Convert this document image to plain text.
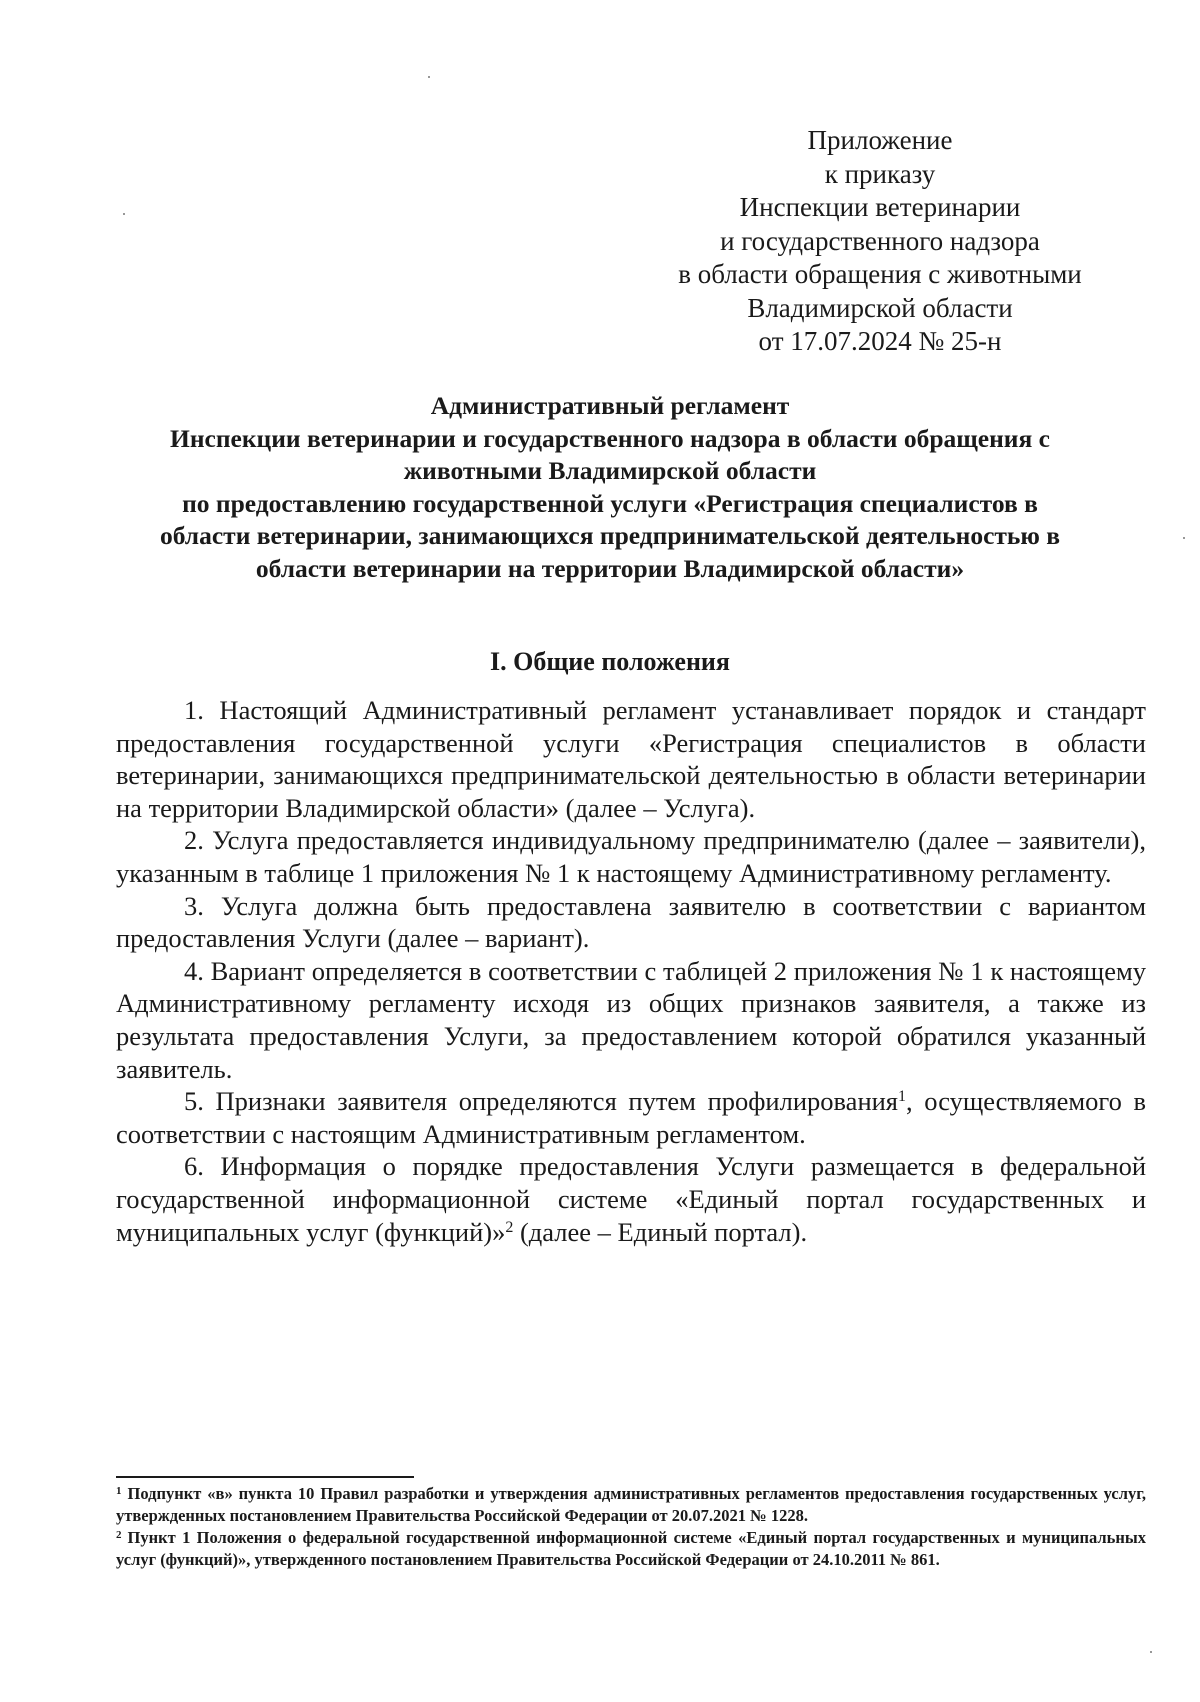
Приложение
к приказу
Инспекции ветеринарии
и государственного надзора
в области обращения с животными
Владимирской области
от 17.07.2024 № 25-н
Административный регламент
Инспекции ветеринарии и государственного надзора в области обращения с
животными Владимирской области
по предоставлению государственной услуги «Регистрация специалистов в
области ветеринарии, занимающихся предпринимательской деятельностью в
области ветеринарии на территории Владимирской области»
I. Общие положения

1. Настоящий Административный регламент устанавливает порядок и стандарт предоставления государственной услуги «Регистрация специалистов в области ветеринарии, занимающихся предпринимательской деятельностью в области ветеринарии на территории Владимирской области» (далее – Услуга).

2. Услуга предоставляется индивидуальному предпринимателю (далее – заявители), указанным в таблице 1 приложения № 1 к настоящему Административному регламенту.

3. Услуга должна быть предоставлена заявителю в соответствии с вариантом предоставления Услуги (далее – вариант).

4. Вариант определяется в соответствии с таблицей 2 приложения № 1 к настоящему Административному регламенту исходя из общих признаков заявителя, а также из результата предоставления Услуги, за предоставлением которой обратился указанный заявитель.

5. Признаки заявителя определяются путем профилирования$^1$, осуществляемого в соответствии с настоящим Административным регламентом.

6. Информация о порядке предоставления Услуги размещается в федеральной государственной информационной системе «Единый портал государственных и муниципальных услуг (функций)»$^2$ (далее – Единый портал).

$^1$ Подпункт «в» пункта 10 Правил разработки и утверждения административных регламентов предоставления государственных услуг, утвержденных постановлением Правительства Российской Федерации от 20.07.2021 № 1228.

$^2$ Пункт 1 Положения о федеральной государственной информационной системе «Единый портал государственных и муниципальных услуг (функций)», утвержденного постановлением Правительства Российской Федерации от 24.10.2011 № 861.
